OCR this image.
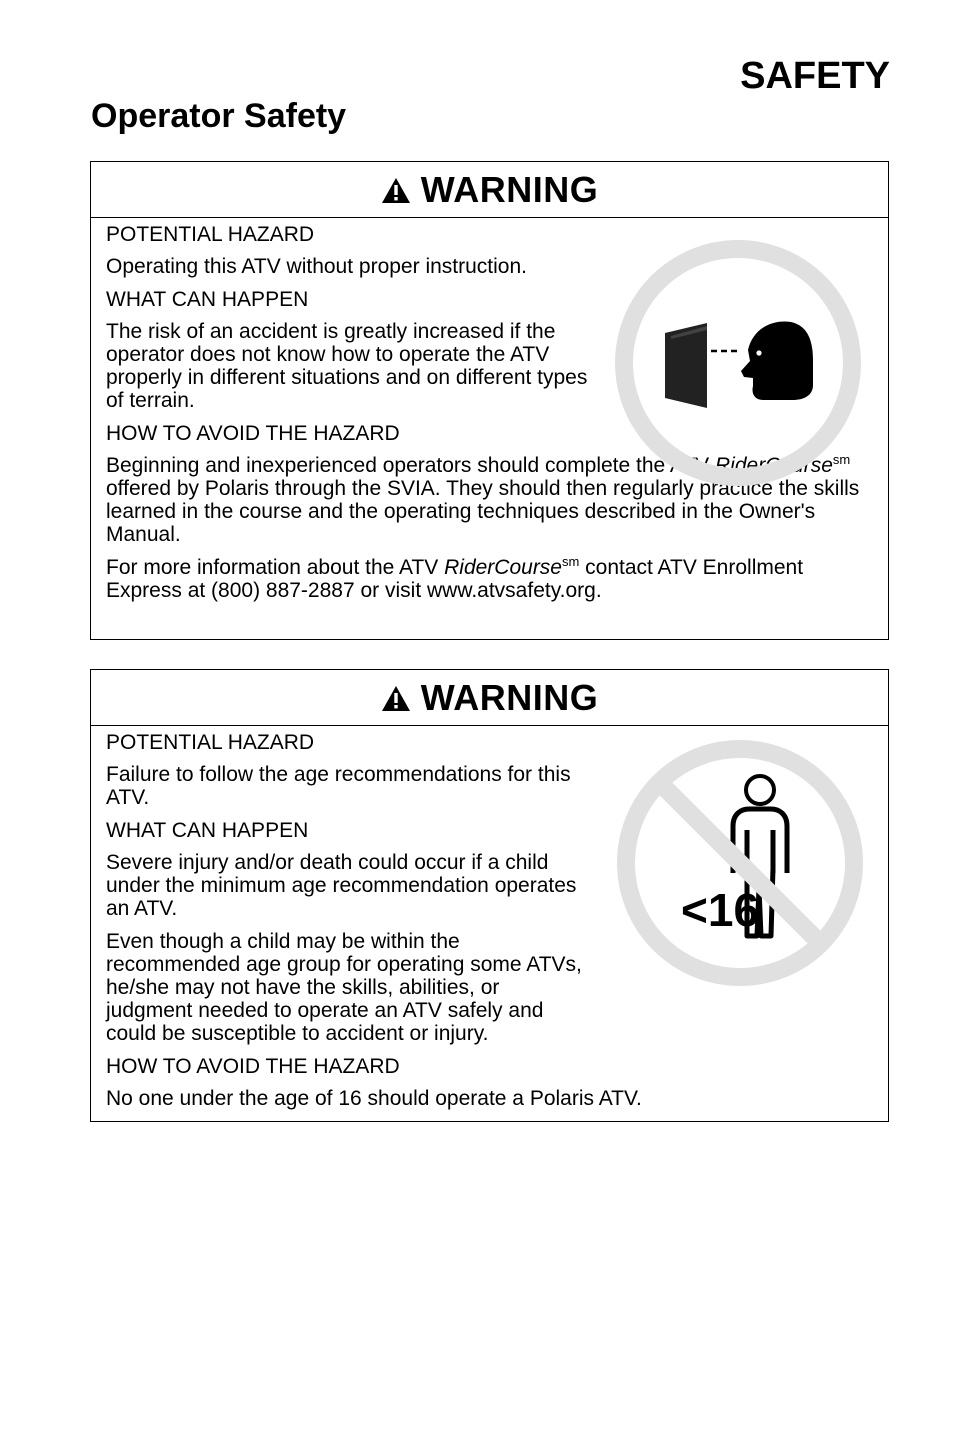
SAFETY
Operator Safety
WARNING

POTENTIAL HAZARD

Operating this ATV without proper instruction.

WHAT CAN HAPPEN

The risk of an accident is greatly increased if the operator does not know how to operate the ATV properly in different situations and on different types of terrain.

HOW TO AVOID THE HAZARD

Beginning and inexperienced operators should complete the ATV RiderCourse$^{sm}$ offered by Polaris through the SVIA. They should then regularly practice the skills learned in the course and the operating techniques described in the Owner's Manual.

For more information about the ATV RiderCourse$^{sm}$ contact ATV Enrollment Express at (800) 887-2887 or visit www.atvsafety.org.

WARNING
<16

POTENTIAL HAZARD

Failure to follow the age recommendations for this ATV.

WHAT CAN HAPPEN

Severe injury and/or death could occur if a child under the minimum age recommendation operates an ATV.

Even though a child may be within the recommended age group for operating some ATVs, he/she may not have the skills, abilities, or judgment needed to operate an ATV safely and could be susceptible to accident or injury.

HOW TO AVOID THE HAZARD

No one under the age of 16 should operate a Polaris ATV.
